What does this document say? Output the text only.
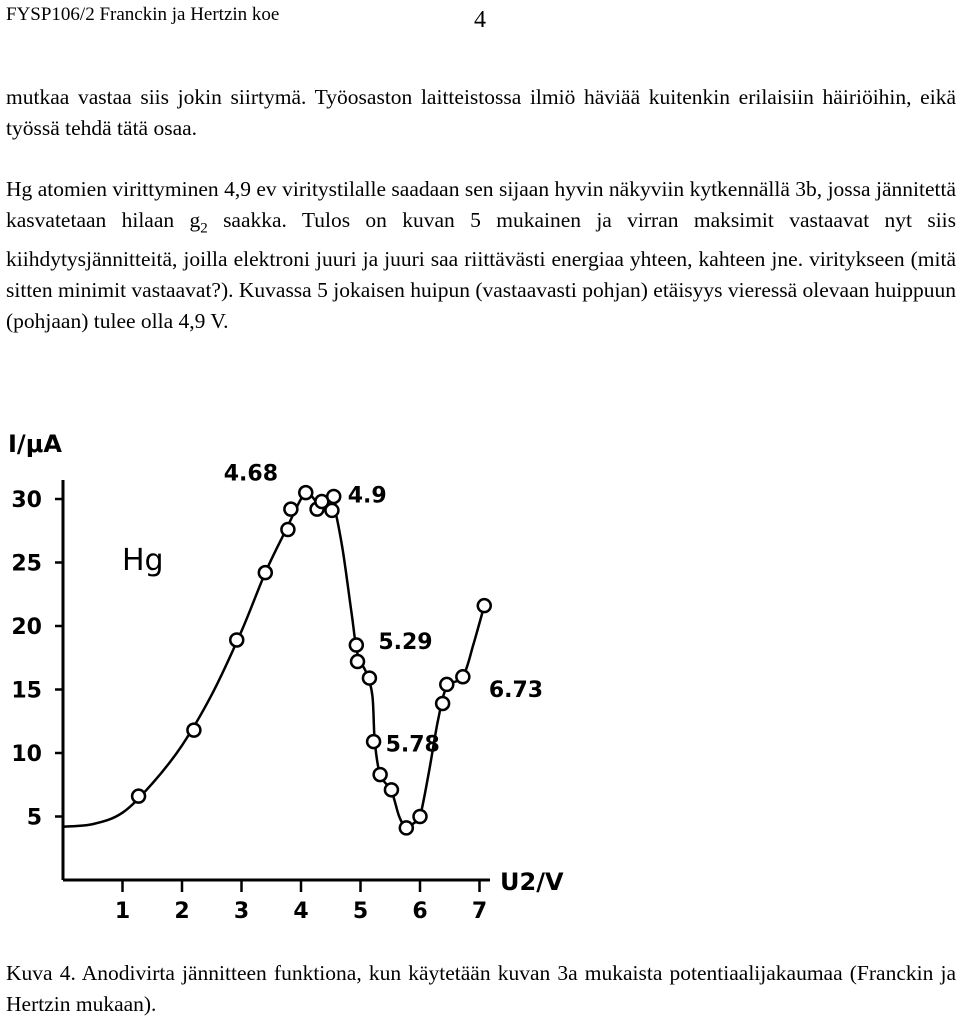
FYSP106/2 Franckin ja Hertzin koe	4

mutkaa vastaa siis jokin siirtymä. Työosaston laitteistossa ilmiö häviää kuitenkin erilaisiin häiriöihin, eikä työssä tehdä tätä osaa.

Hg atomien virittyminen 4,9 ev viritystilalle saadaan sen sijaan hyvin näkyviin kytkennällä 3b, jossa jännitettä kasvatetaan hilaan $g_2$ saakka. Tulos on kuvan 5 mukainen ja virran maksimit vastaavat nyt siis kiihdytysjännitteitä, joilla elektroni juuri ja juuri saa riittävästi energiaa yhteen, kahteen jne. viritykseen (mitä sitten minimit vastaavat?). Kuvassa 5 jokaisen huipun (vastaavasti pohjan) etäisyys vieressä olevaan huippuun (pohjaan) tulee olla 4,9 V.

1 2 3 4 5 6 7
5
10
15
20
25
30
4.68
4.9
5.29
5.78
6.73
I/μA
U2/V
Hg

Kuva 4. Anodivirta jännitteen funktiona, kun käytetään kuvan 3a mukaista potentiaalijakaumaa (Franckin ja Hertzin mukaan).
